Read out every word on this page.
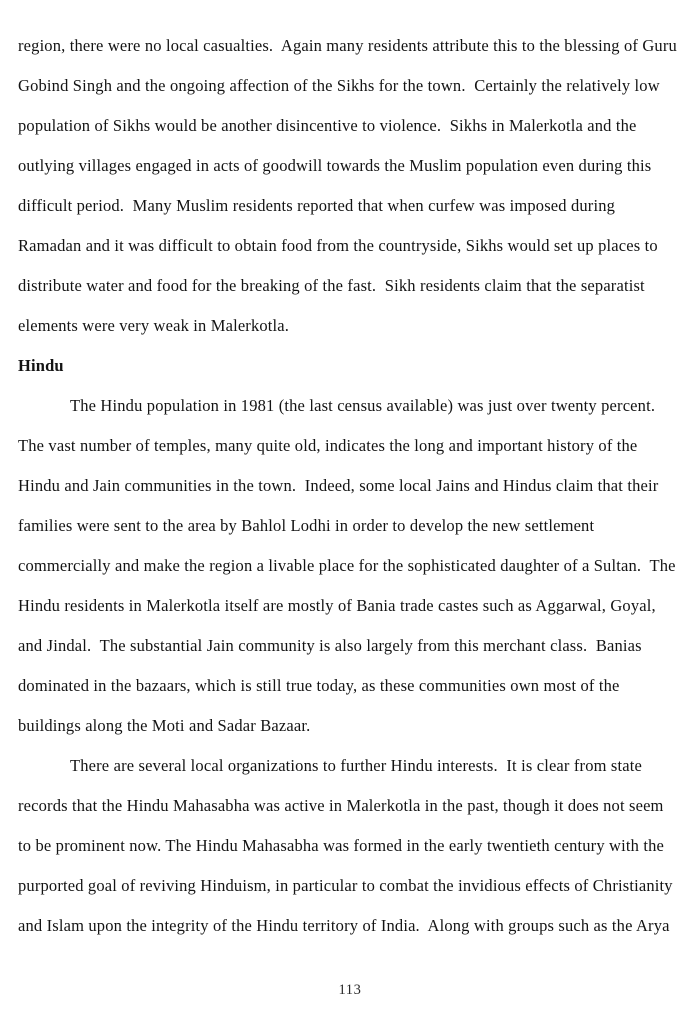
region, there were no local casualties.  Again many residents attribute this to the blessing of Guru
Gobind Singh and the ongoing affection of the Sikhs for the town.  Certainly the relatively low
population of Sikhs would be another disincentive to violence.  Sikhs in Malerkotla and the
outlying villages engaged in acts of goodwill towards the Muslim population even during this
difficult period.  Many Muslim residents reported that when curfew was imposed during
Ramadan and it was difficult to obtain food from the countryside, Sikhs would set up places to
distribute water and food for the breaking of the fast.  Sikh residents claim that the separatist
elements were very weak in Malerkotla.
Hindu
The Hindu population in 1981 (the last census available) was just over twenty percent.
The vast number of temples, many quite old, indicates the long and important history of the
Hindu and Jain communities in the town.  Indeed, some local Jains and Hindus claim that their
families were sent to the area by Bahlol Lodhi in order to develop the new settlement
commercially and make the region a livable place for the sophisticated daughter of a Sultan.  The
Hindu residents in Malerkotla itself are mostly of Bania trade castes such as Aggarwal, Goyal,
and Jindal.  The substantial Jain community is also largely from this merchant class.  Banias
dominated in the bazaars, which is still true today, as these communities own most of the
buildings along the Moti and Sadar Bazaar.
There are several local organizations to further Hindu interests.  It is clear from state
records that the Hindu Mahasabha was active in Malerkotla in the past, though it does not seem
to be prominent now. The Hindu Mahasabha was formed in the early twentieth century with the
purported goal of reviving Hinduism, in particular to combat the invidious effects of Christianity
and Islam upon the integrity of the Hindu territory of India.  Along with groups such as the Arya
113
